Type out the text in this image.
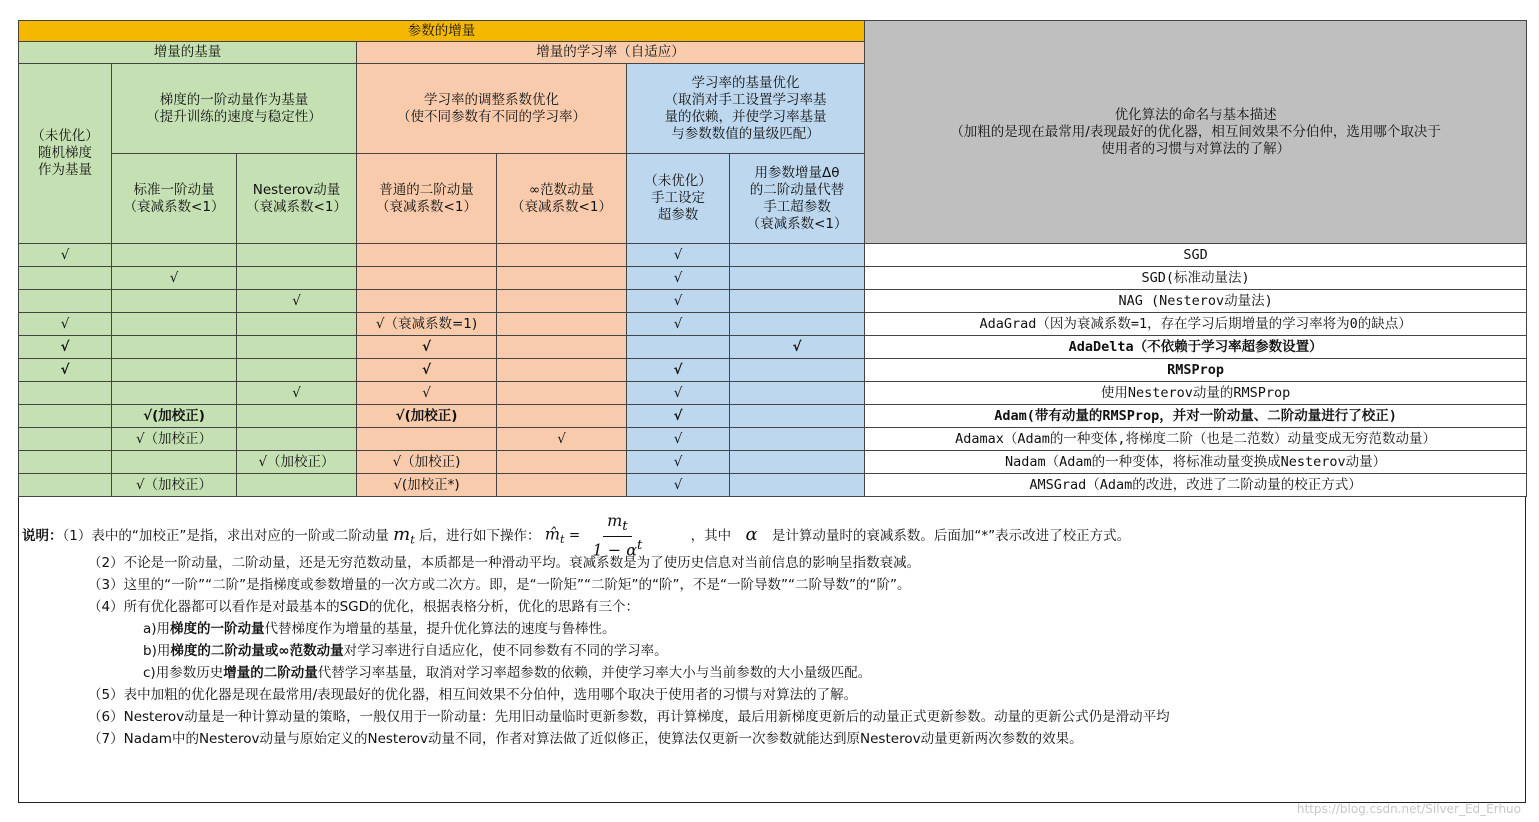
参数的增量							优化算法的命名与基本描述
（加粗的是现在最常用/表现最好的优化器，相互间效果不分伯仲，选用哪个取决于
使用者的习惯与对算法的了解）

增量的基量			增量的学习率（自适应）				

（未优化）
随机梯度
作为基量	梯度的一阶动量作为基量
（提升训练的速度与稳定性）		学习率的调整系数优化
（使不同参数有不同的学习率）		学习率的基量优化
（取消对手工设置学习率基
量的依赖，并使学习率基量
与参数数值的量级匹配）		

	标准一阶动量
（衰减系数<1）	Nesterov动量
（衰减系数<1）	普通的二阶动量
（衰减系数<1）	∞范数动量
（衰减系数<1）	（未优化）
手工设定
超参数	用参数增量Δθ
的二阶动量代替
手工超参数
（衰减系数<1）	

√					√		SGD
	√				√		SGD(标准动量法)
		√			√		NAG (Nesterov动量法)
√			√（衰减系数=1)		√		AdaGrad（因为衰减系数=1，存在学习后期增量的学习率将为0的缺点）
√			√			√	AdaDelta（不依赖于学习率超参数设置）
√			√		√		RMSProp
		√	√		√		使用Nesterov动量的RMSProp
	√(加校正)		√(加校正)		√		Adam(带有动量的RMSProp，并对一阶动量、二阶动量进行了校正)
	√（加校正）			√	√		Adamax（Adam的一种变体,将梯度二阶（也是二范数）动量变成无穷范数动量）
		√（加校正）	√（加校正)		√		Nadam（Adam的一种变体，将标准动量变换成Nesterov动量）
	√（加校正）		√(加校正*)		√		AMSGrad（Adam的改进，改进了二阶动量的校正方式）
说明：（1）表中的“加校正”是指，求出对应的一阶或二阶动量 $m_t$ 后，进行如下操作： $m̂_t = \frac{m_t}{1 - \alpha^t}$	，其中 α 是计算动量时的衰减系数。后面加“*”表示改进了校正方式。
（2）不论是一阶动量，二阶动量，还是无穷范数动量，本质都是一种滑动平均。衰减系数是为了使历史信息对当前信息的影响呈指数衰减。
（3）这里的“一阶”“二阶”是指梯度或参数增量的一次方或二次方。即，是“一阶矩”“二阶矩”的“阶”，不是“一阶导数”“二阶导数”的“阶”。
（4）所有优化器都可以看作是对最基本的SGD的优化，根据表格分析，优化的思路有三个：
a)用梯度的一阶动量代替梯度作为增量的基量，提升优化算法的速度与鲁棒性。
b)用梯度的二阶动量或∞范数动量对学习率进行自适应化，使不同参数有不同的学习率。
c)用参数历史增量的二阶动量代替学习率基量，取消对学习率超参数的依赖，并使学习率大小与当前参数的大小量级匹配。
（5）表中加粗的优化器是现在最常用/表现最好的优化器，相互间效果不分伯仲，选用哪个取决于使用者的习惯与对算法的了解。
（6）Nesterov动量是一种计算动量的策略，一般仅用于一阶动量：先用旧动量临时更新参数，再计算梯度，最后用新梯度更新后的动量正式更新参数。动量的更新公式仍是滑动平均
（7）Nadam中的Nesterov动量与原始定义的Nesterov动量不同，作者对算法做了近似修正，使算法仅更新一次参数就能达到原Nesterov动量更新两次参数的效果。
https://blog.csdn.net/Silver_Ed_Erhuo
